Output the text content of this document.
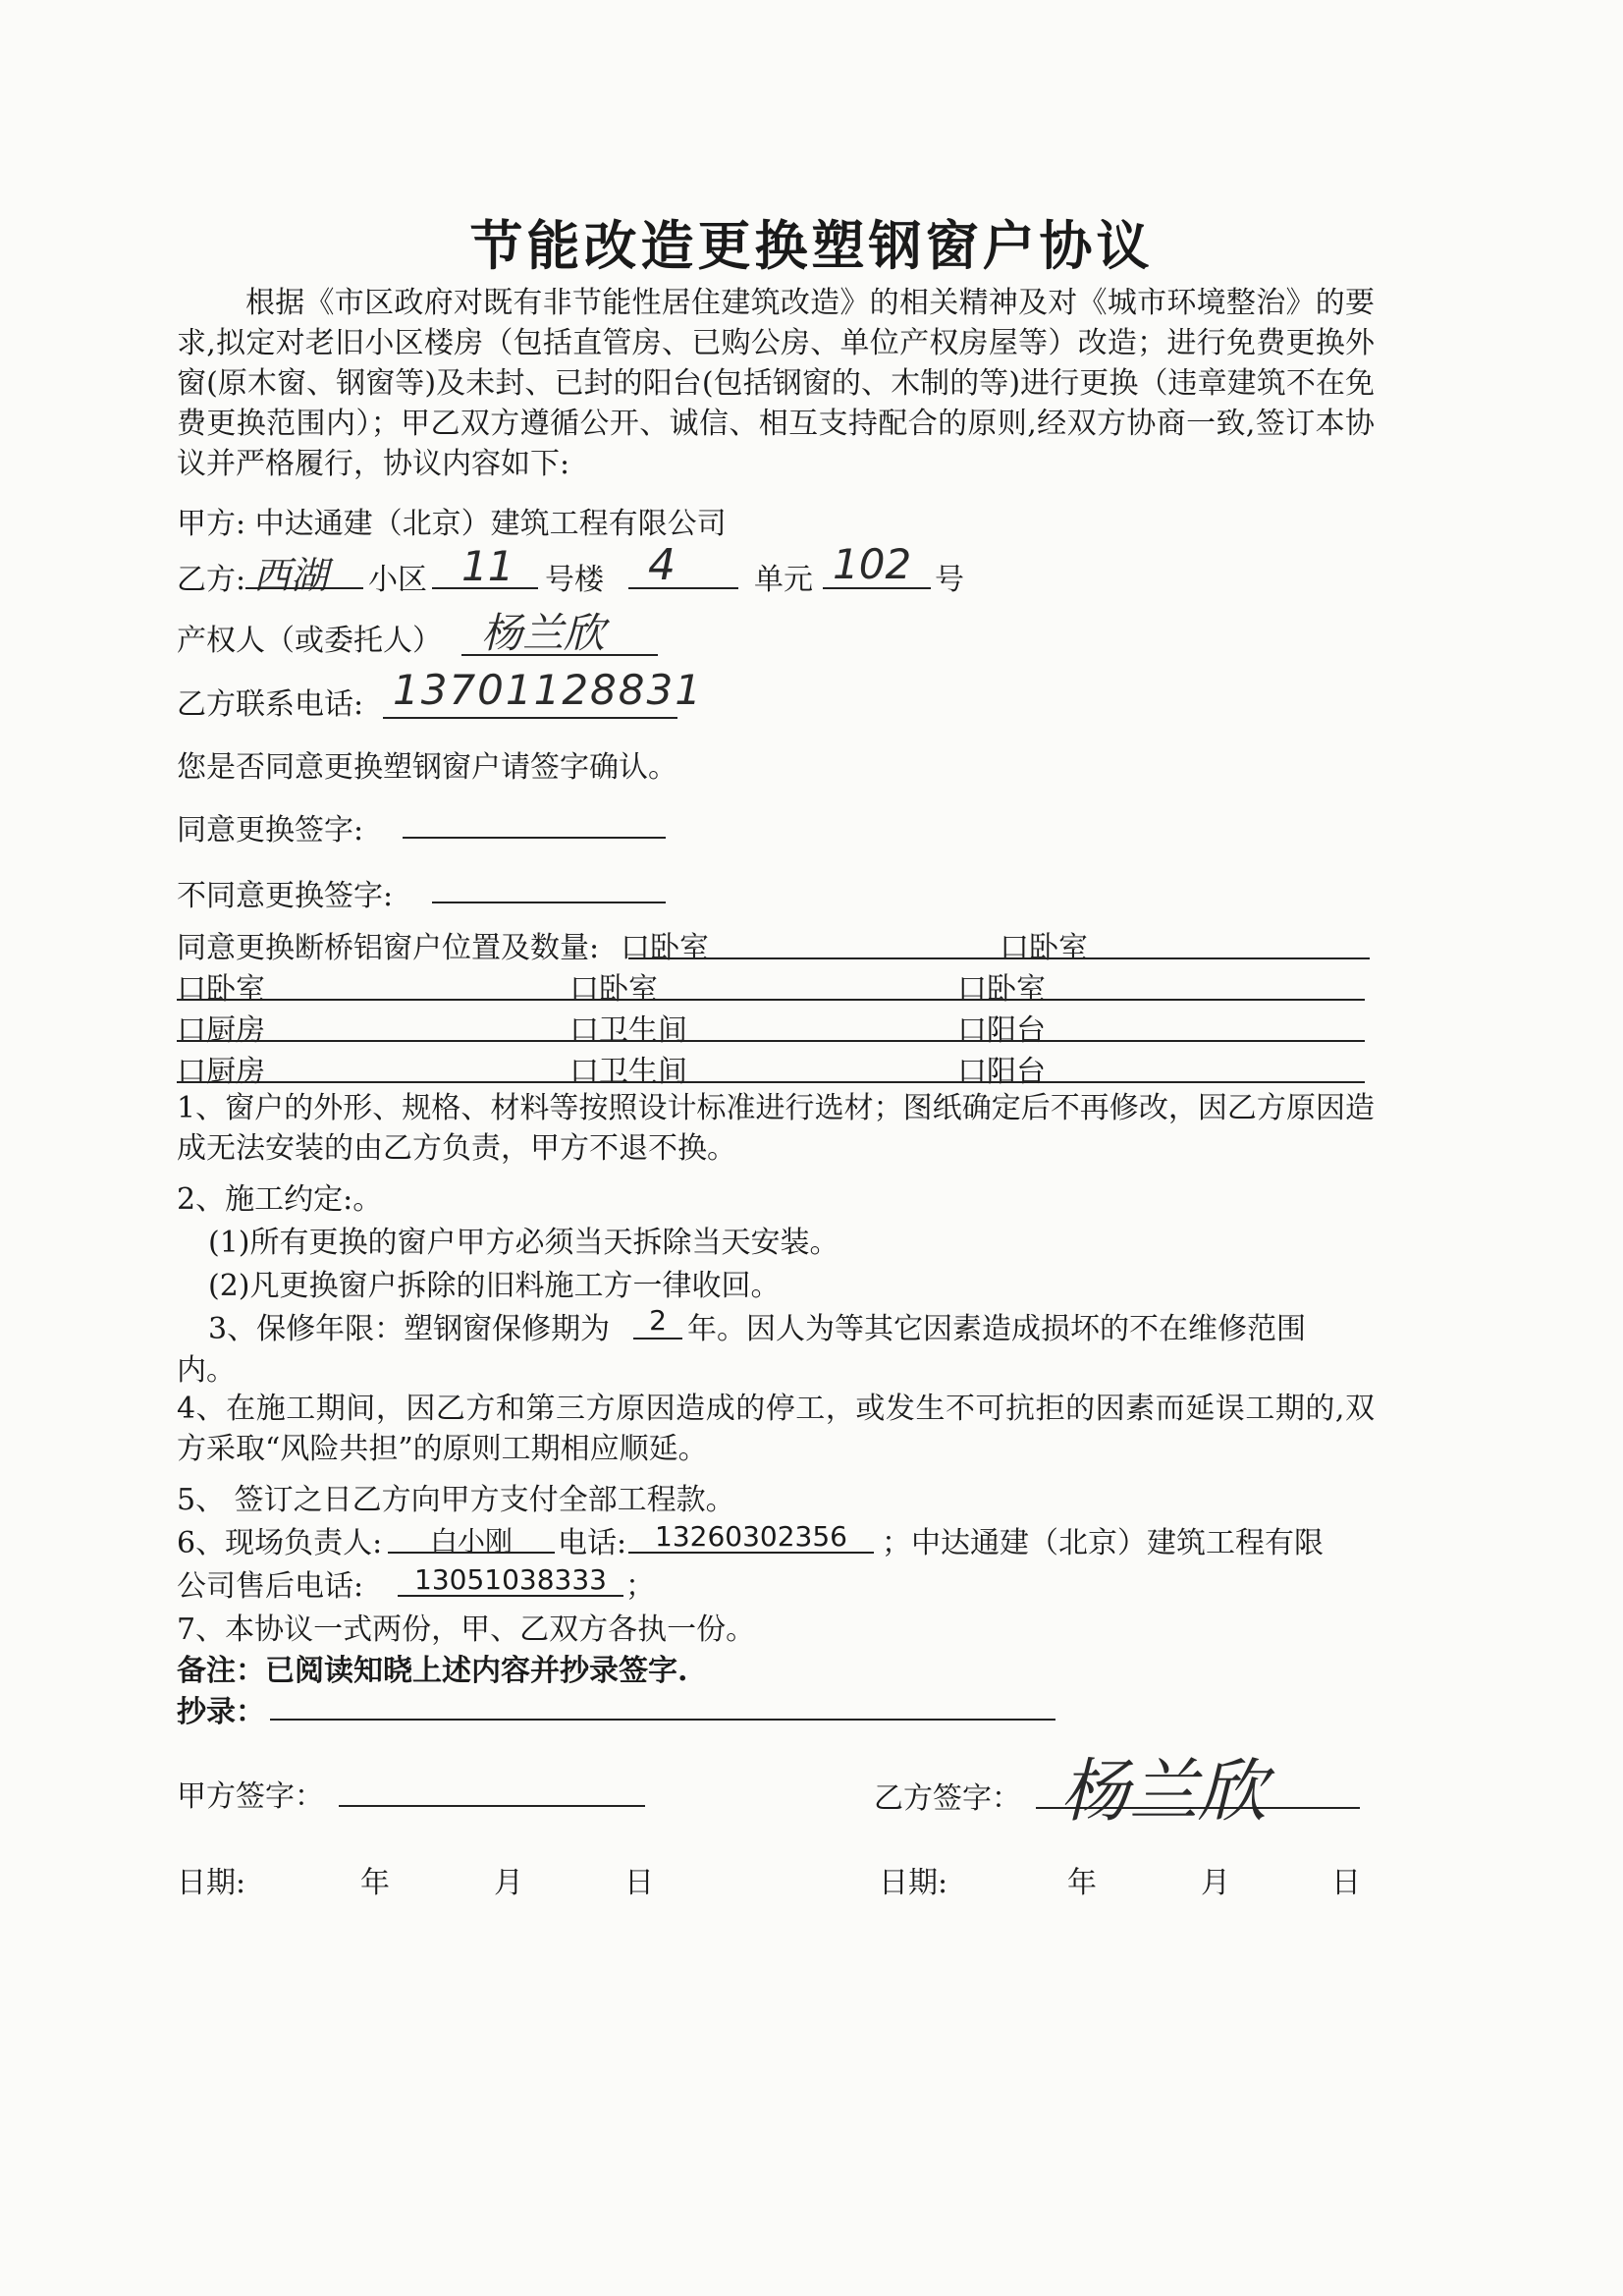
节能改造更换塑钢窗户协议
根据《市区政府对既有非节能性居住建筑改造》的相关精神及对《城市环境整治》的要求,拟定对老旧小区楼房（包括直管房、已购公房、单位产权房屋等）改造；进行免费更换外窗(原木窗、钢窗等)及未封、已封的阳台(包括钢窗的、木制的等)进行更换（违章建筑不在免费更换范围内）；甲乙双方遵循公开、诚信、相互支持配合的原则,经双方协商一致,签订本协议并严格履行，协议内容如下:
甲方: 中达通建（北京）建筑工程有限公司
乙方: 西湖 小区 11 号楼 4	单元 102 号
产权人（或委托人） 杨兰欣
乙方联系电话: 13701128831
您是否同意更换塑钢窗户请签字确认。
同意更换签字:
不同意更换签字:
同意更换断桥铝窗户位置及数量: 口卧室	口卧室
口卧室	口卧室	口卧室
口厨房	口卫生间	口阳台
口厨房	口卫生间	口阳台
1、窗户的外形、规格、材料等按照设计标准进行选材；图纸确定后不再修改，因乙方原因造成无法安装的由乙方负责，甲方不退不换。
2、施工约定:。
(1)所有更换的窗户甲方必须当天拆除当天安装。
(2)凡更换窗户拆除的旧料施工方一律收回。
3、保修年限：塑钢窗保修期为	2 年。因人为等其它因素造成损坏的不在维修范围
内。
4、在施工期间，因乙方和第三方原因造成的停工，或发生不可抗拒的因素而延误工期的,双方采取“风险共担”的原则工期相应顺延。
5、 签订之日乙方向甲方支付全部工程款。
6、现场负责人:	白小刚	电话:	13260302356	；中达通建（北京）建筑工程有限
公司售后电话:	13051038333 ；
7、本协议一式两份，甲、乙双方各执一份。
备注：已阅读知晓上述内容并抄录签字.
抄录：
甲方签字：	乙方签字： 杨兰欣
日期:	年	月	日	日期:	年	月	日
